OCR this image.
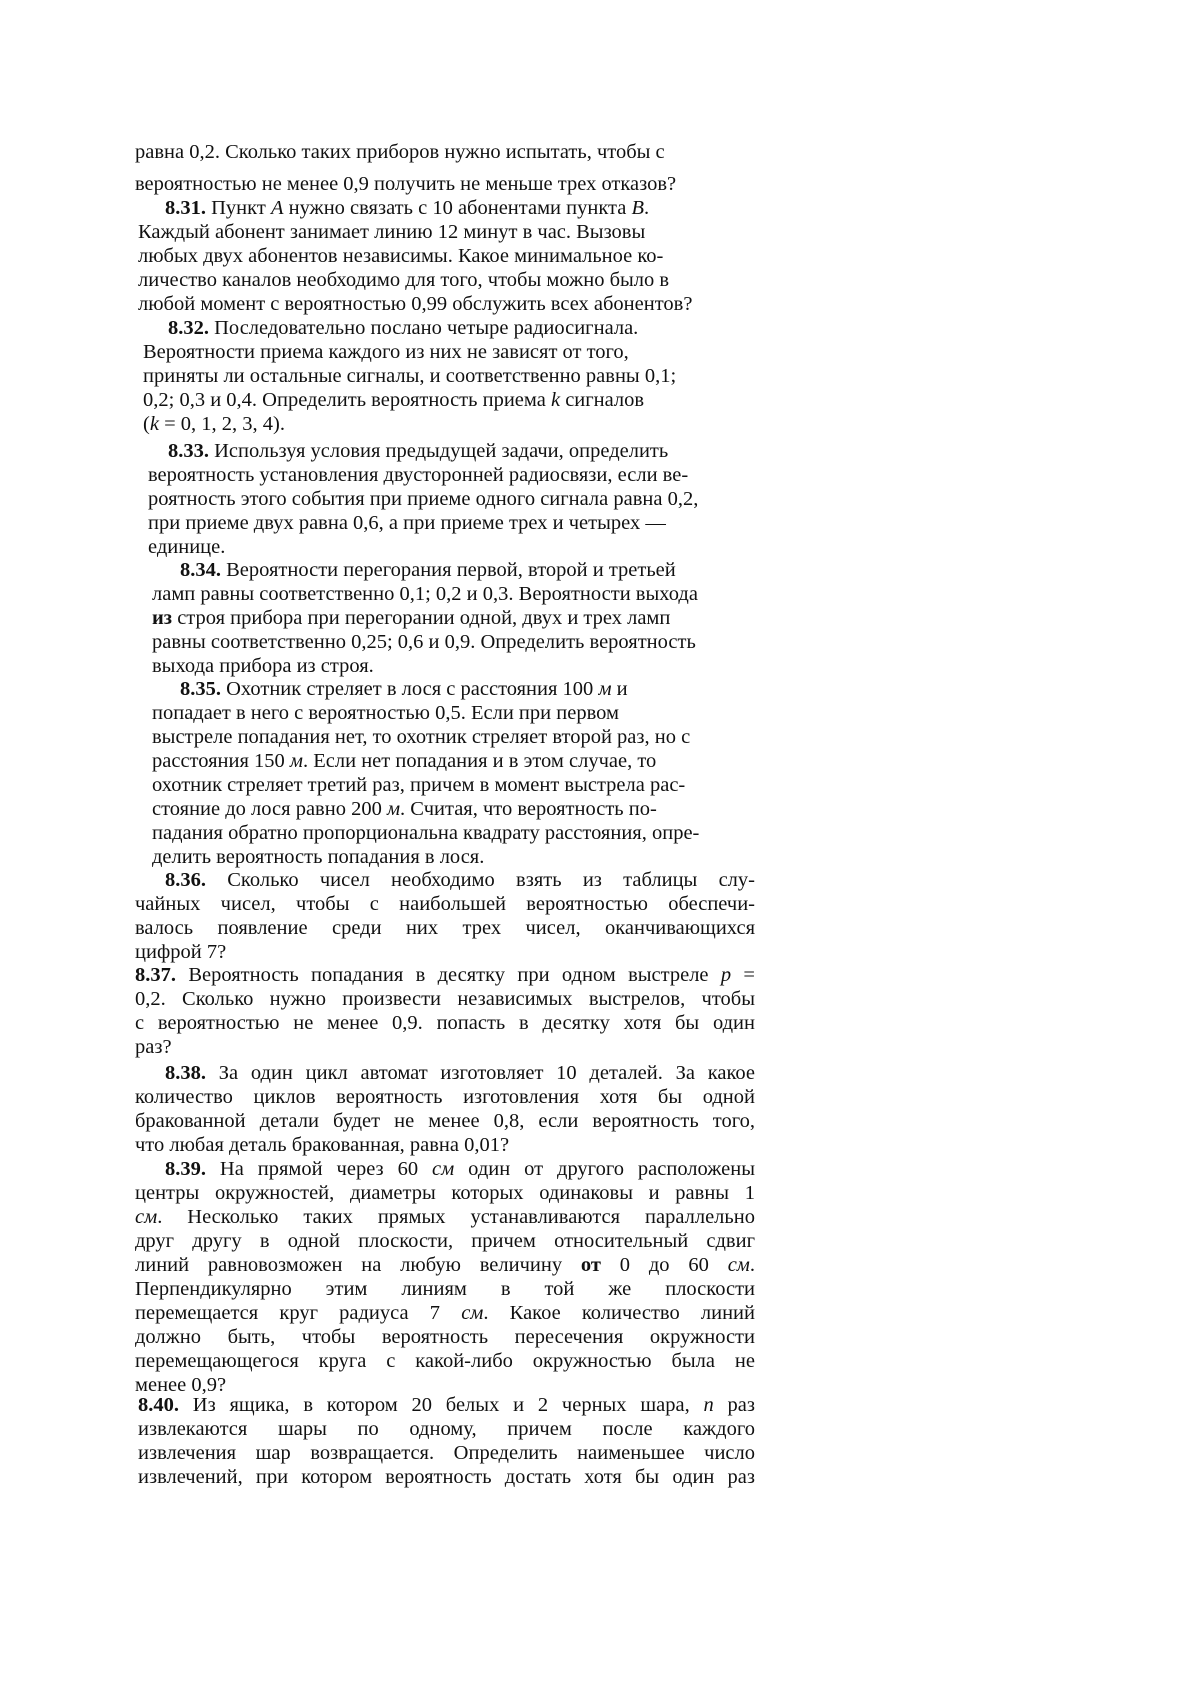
равна 0,2. Сколько таких приборов нужно испытать, чтобы с
вероятностью не менее 0,9 получить не меньше трех отказов?
8.31. Пункт А нужно связать с 10 абонентами пункта В.
Каждый абонент занимает линию 12 минут в час. Вызовы
любых двух абонентов независимы. Какое минимальное ко-
личество каналов необходимо для того, чтобы можно было в
любой момент с вероятностью 0,99 обслужить всех абонентов?
8.32. Последовательно послано четыре радиосигнала.
Вероятности приема каждого из них не зависят от того,
приняты ли остальные сигналы, и соответственно равны 0,1;
0,2; 0,3 и 0,4. Определить вероятность приема k сигналов
(k = 0, 1, 2, 3, 4).
8.33. Используя условия предыдущей задачи, определить
вероятность установления двусторонней радиосвязи, если ве-
роятность этого события при приеме одного сигнала равна 0,2,
при приеме двух равна 0,6, а при приеме трех и четырех —
единице.
8.34. Вероятности перегорания первой, второй и третьей
ламп равны соответственно 0,1; 0,2 и 0,3. Вероятности выхода
из строя прибора при перегорании одной, двух и трех ламп
равны соответственно 0,25; 0,6 и 0,9. Определить вероятность
выхода прибора из строя.
8.35. Охотник стреляет в лося с расстояния 100 м и
попадает в него с вероятностью 0,5. Если при первом
выстреле попадания нет, то охотник стреляет второй раз, но с
расстояния 150 м. Если нет попадания и в этом случае, то
охотник стреляет третий раз, причем в момент выстрела рас-
стояние до лося равно 200 м. Считая, что вероятность по-
падания обратно пропорциональна квадрату расстояния, опре-
делить вероятность попадания в лося.
8.36. Сколько чисел необходимо взять из таблицы слу-
чайных чисел, чтобы с наибольшей вероятностью обеспечи-
валось появление среди них трех чисел, оканчивающихся
цифрой 7?
8.37. Вероятность попадания в десятку при одном выстреле p =
0,2. Сколько нужно произвести независимых выстрелов, чтобы
с вероятностью не менее 0,9. попасть в десятку хотя бы один
раз?
8.38. За один цикл автомат изготовляет 10 деталей. За какое
количество циклов вероятность изготовления хотя бы одной
бракованной детали будет не менее 0,8, если вероятность того,
что любая деталь бракованная, равна 0,01?
8.39. На прямой через 60 см один от другого расположены
центры окружностей, диаметры которых одинаковы и равны 1
см. Несколько таких прямых устанавливаются параллельно
друг другу в одной плоскости, причем относительный сдвиг
линий равновозможен на любую величину от 0 до 60 см.
Перпендикулярно этим линиям в той же плоскости
перемещается круг радиуса 7 см. Какое количество линий
должно быть, чтобы вероятность пересечения окружности
перемещающегося круга с какой-либо окружностью была не
менее 0,9?
8.40. Из ящика, в котором 20 белых и 2 черных шара, n раз
извлекаются шары по одному, причем после каждого
извлечения шар возвращается. Определить наименьшее число
извлечений, при котором вероятность достать хотя бы один раз
